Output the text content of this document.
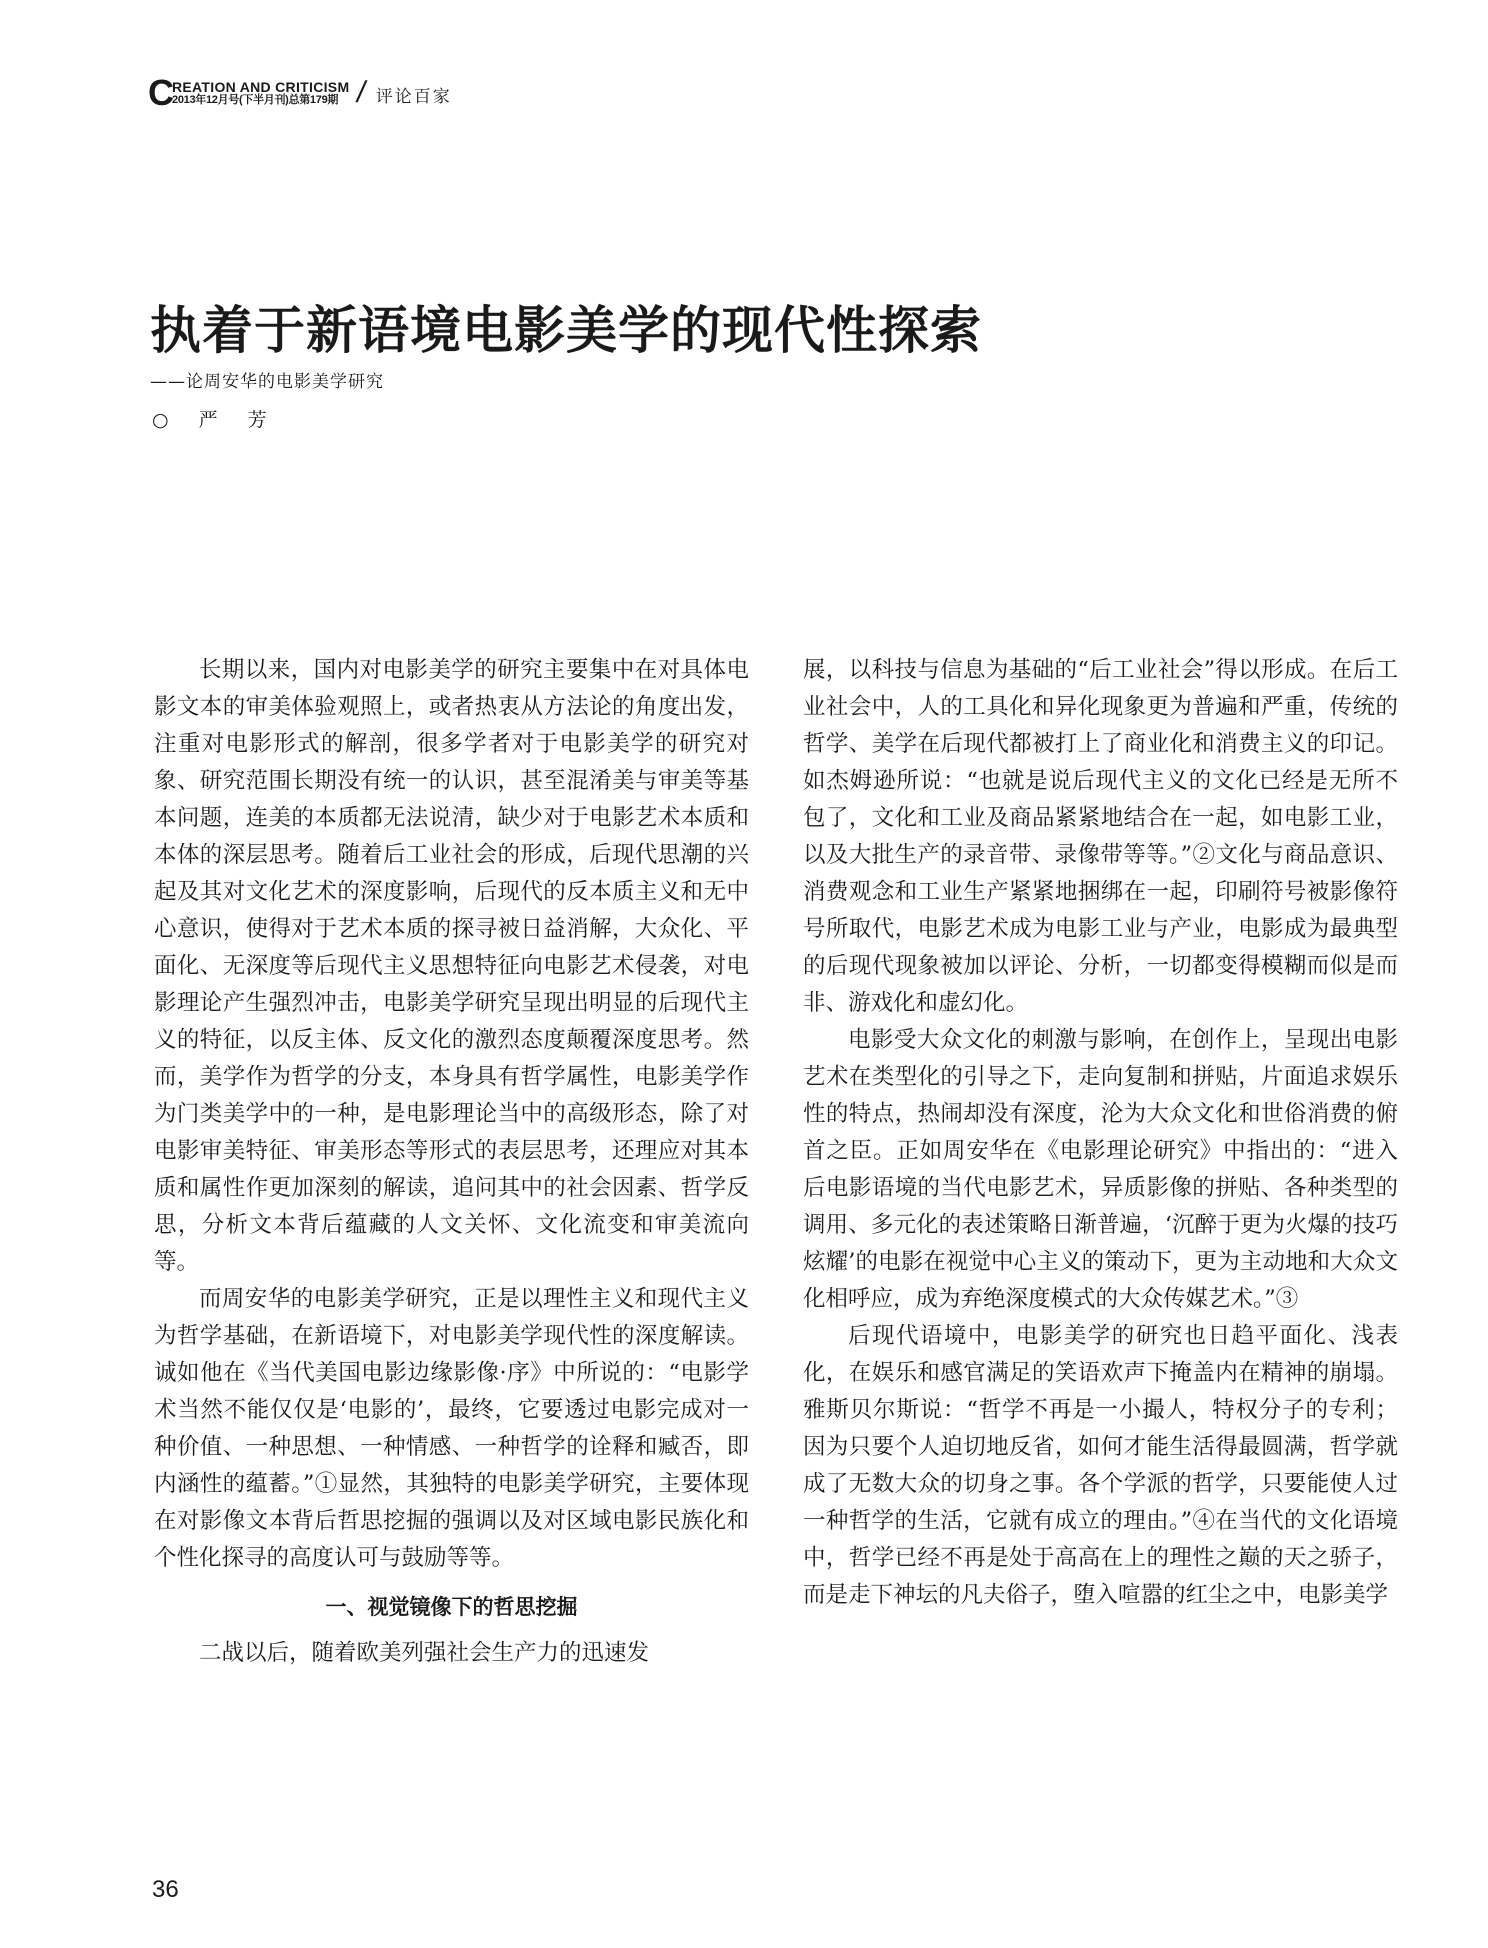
C REATION AND CRITICISM
2013年12月号(下半月刊)总第179期 / 评论百家
执着于新语境电影美学的现代性探索
——论周安华的电影美学研究
○ 严 芳

长期以来，国内对电影美学的研究主要集中在对具体电影文本的审美体验观照上，或者热衷从方法论的角度出发，注重对电影形式的解剖，很多学者对于电影美学的研究对象、研究范围长期没有统一的认识，甚至混淆美与审美等基本问题，连美的本质都无法说清，缺少对于电影艺术本质和本体的深层思考。随着后工业社会的形成，后现代思潮的兴起及其对文化艺术的深度影响，后现代的反本质主义和无中心意识，使得对于艺术本质的探寻被日益消解，大众化、平面化、无深度等后现代主义思想特征向电影艺术侵袭，对电影理论产生强烈冲击，电影美学研究呈现出明显的后现代主义的特征，以反主体、反文化的激烈态度颠覆深度思考。然而，美学作为哲学的分支，本身具有哲学属性，电影美学作为门类美学中的一种，是电影理论当中的高级形态，除了对电影审美特征、审美形态等形式的表层思考，还理应对其本质和属性作更加深刻的解读，追问其中的社会因素、哲学反思，分析文本背后蕴藏的人文关怀、文化流变和审美流向等。

而周安华的电影美学研究，正是以理性主义和现代主义为哲学基础，在新语境下，对电影美学现代性的深度解读。诚如他在《当代美国电影边缘影像·序》中所说的：“电影学术当然不能仅仅是‘电影的’，最终，它要透过电影完成对一种价值、一种思想、一种情感、一种哲学的诠释和臧否，即内涵性的蕴蓄。”①显然，其独特的电影美学研究，主要体现在对影像文本背后哲思挖掘的强调以及对区域电影民族化和个性化探寻的高度认可与鼓励等等。

一、视觉镜像下的哲思挖掘

二战以后，随着欧美列强社会生产力的迅速发

展，以科技与信息为基础的“后工业社会”得以形成。在后工业社会中，人的工具化和异化现象更为普遍和严重，传统的哲学、美学在后现代都被打上了商业化和消费主义的印记。如杰姆逊所说：“也就是说后现代主义的文化已经是无所不包了，文化和工业及商品紧紧地结合在一起，如电影工业，以及大批生产的录音带、录像带等等。”②文化与商品意识、消费观念和工业生产紧紧地捆绑在一起，印刷符号被影像符号所取代，电影艺术成为电影工业与产业，电影成为最典型的后现代现象被加以评论、分析，一切都变得模糊而似是而非、游戏化和虚幻化。

电影受大众文化的刺激与影响，在创作上，呈现出电影艺术在类型化的引导之下，走向复制和拼贴，片面追求娱乐性的特点，热闹却没有深度，沦为大众文化和世俗消费的俯首之臣。正如周安华在《电影理论研究》中指出的：“进入后电影语境的当代电影艺术，异质影像的拼贴、各种类型的调用、多元化的表述策略日渐普遍，‘沉醉于更为火爆的技巧炫耀’的电影在视觉中心主义的策动下，更为主动地和大众文化相呼应，成为弃绝深度模式的大众传媒艺术。”③

后现代语境中，电影美学的研究也日趋平面化、浅表化，在娱乐和感官满足的笑语欢声下掩盖内在精神的崩塌。雅斯贝尔斯说：“哲学不再是一小撮人，特权分子的专利；因为只要个人迫切地反省，如何才能生活得最圆满，哲学就成了无数大众的切身之事。各个学派的哲学，只要能使人过一种哲学的生活，它就有成立的理由。”④在当代的文化语境中，哲学已经不再是处于高高在上的理性之巅的天之骄子，而是走下神坛的凡夫俗子，堕入喧嚣的红尘之中，电影美学

36
